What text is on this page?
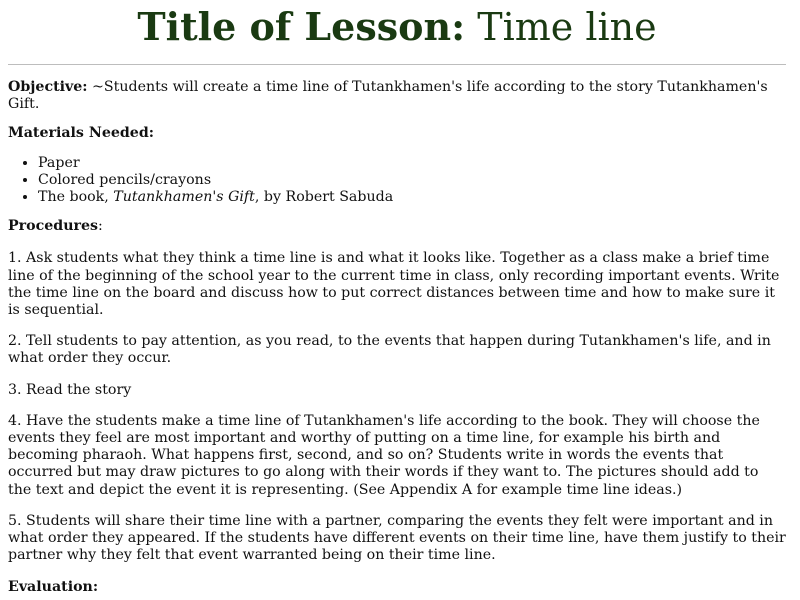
Title of Lesson: Time line

Objective: ~Students will create a time line of Tutankhamen's life according to the story Tutankhamen's Gift.

Materials Needed:

• Paper
• Colored pencils/crayons
• The book, Tutankhamen's Gift, by Robert Sabuda

Procedures:

1. Ask students what they think a time line is and what it looks like. Together as a class make a brief time line of the beginning of the school year to the current time in class, only recording important events. Write the time line on the board and discuss how to put correct distances between time and how to make sure it is sequential.

2. Tell students to pay attention, as you read, to the events that happen during Tutankhamen's life, and in what order they occur.

3. Read the story

4. Have the students make a time line of Tutankhamen's life according to the book. They will choose the events they feel are most important and worthy of putting on a time line, for example his birth and becoming pharaoh. What happens first, second, and so on? Students write in words the events that occurred but may draw pictures to go along with their words if they want to. The pictures should add to the text and depict the event it is representing. (See Appendix A for example time line ideas.)

5. Students will share their time line with a partner, comparing the events they felt were important and in what order they appeared. If the students have different events on their time line, have them justify to their partner why they felt that event warranted being on their time line.

Evaluation:
